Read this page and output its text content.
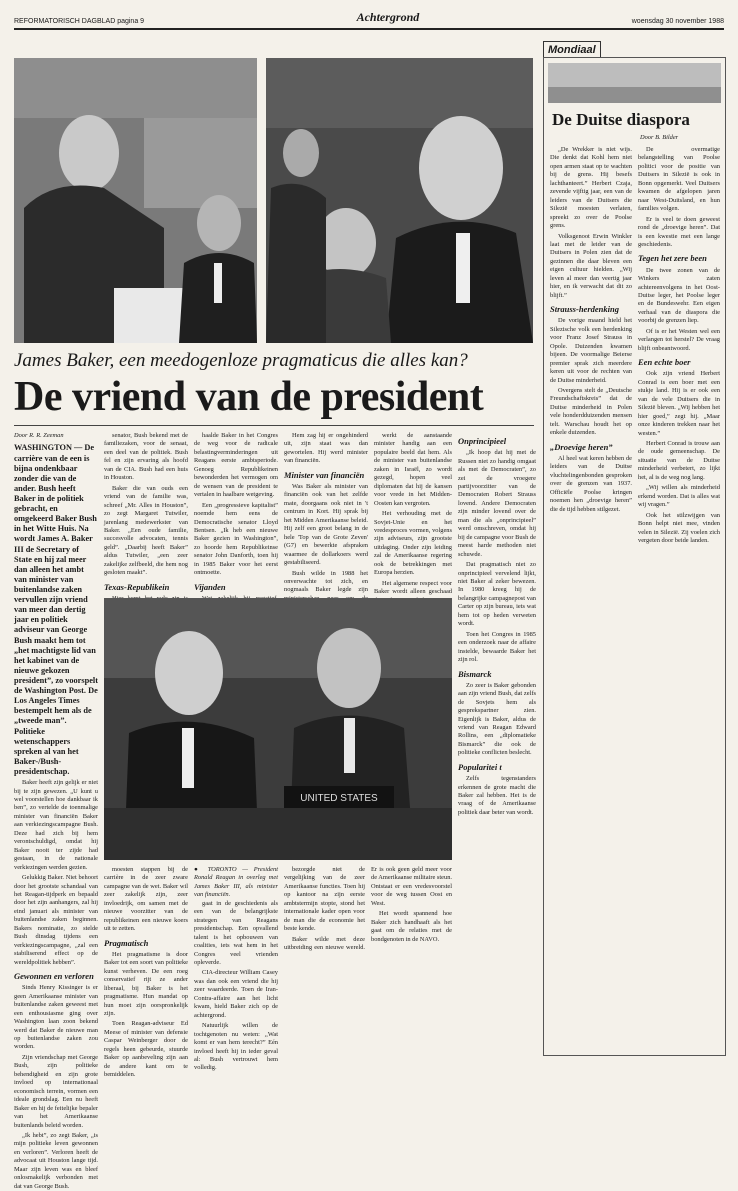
REFORMATORISCH DAGBLAD pagina 9	Achtergrond	woensdag 30 november 1988
James Baker, een meedogenloze pragmaticus die alles kan?
De vriend van de president
Door R. R. Zeeman

WASHINGTON — De carrière van de een is bijna ondenkbaar zonder die van de ander. Bush heeft Baker in de politiek gebracht, en omgekeerd Baker Bush in het Witte Huis. Na wordt James A. Baker III de Secretary of State en hij zal meer dan alleen het ambt van minister van buitenlandse zaken vervullen zijn vriend van meer dan dertig jaar en politiek adviseur van George Bush maakt hem tot „het machtigste lid van het kabinet van de nieuwe gekozen president”, zo voorspelt de Washington Post. De Los Angeles Times bestempelt hem als de „tweede man”. Politieke wetenschappers spreken al van het Baker-/Bush-presidentschap.

Baker heeft zijn gelijk er niet bij te zijn gewezen. „U kunt u wel voorstellen hoe dankbaar ik ben”, zo vertelde de toenmalige minister van financiën Baker aan verkiezingscampagne Bush. Deze had zich bij hem verontschuldigd, omdat hij Baker nooit ter zijde had gestaan, in de nationale verkiezingen werden gezien.

Gelukkig Baker. Niet behoort door het grootste schandaal van het Reagan-tijdperk en bepaald door het zijn aanhangers, zal hij eind januari als minister van buitenlandse zaken beginnen. Bakers nominatie, zo stelde Bush dinsdag tijdens een verkiezingscampagne, „zal een stabiliserend effect op de wereldpolitiek hebben”.

Gewonnen en verloren

Sinds Henry Kissinger is er geen Amerikaanse minister van buitenlandse zaken geweest met een enthousiasme ging over Washington laan zoon bekend werd dat Baker de nieuwe man op buitenlandse zaken zou worden.

Zijn vriendschap met George Bush, zijn politieke behendigheid en zijn grote invloed op internationaal economisch terrein, vormen een ideale grondslag. Een nu heeft Baker en hij de feitelijke bepaler van het Amerikaanse buitenlands beleid worden.

„Ik hebt”, zo zegt Baker, „is mijn politieke leven gewonnen en verloren”. Verloren heeft de advocaat uit Houston lange tijd. Maar zijn leven was en bleef onlosmakelijk verbonden met dat van George Bush.

senator, Bush bekend met de familiezaken, voor de senaat, een deel van de politiek. Bush fel en zijn ervaring als hoofd van de CIA. Bush had een huis in Houston.

Baker die van ouds een vriend van de familie was, schreef „Mr. Alles in Houston”, zo zegt Margaret Tutwiler, jarenlang medewerkster van Baker. „Een oude familie, succesvolle advocaten, tennis geld”. „Daarbij heeft Baker” aldus Tutwiler, „een zeer zakelijke zelfbeeld, die hem nog gesloten maakt”.

Texas-Republikein

haalde Baker in het Congres de weg voor de radicale belastingverminderingen uit Reagans eerste ambtsperiode. Genoeg Republikeinen bewonderden het vermogen om de wensen van de president te vertalen in haalbare wetgeving.

Een „progressieve kapitalist” noemde hem eens de Democratische senator Lloyd Bentsen. „Ik heb een nieuwe Baker gezien in Washington”, zo hoorde hem Republikeinse senator John Danforth, toen hij in 1985 Baker voor het eerst ontmoette.

Vijanden

Hem zag hij er ongehinderd uit, zijn staat was dan gewortelen. Hij werd minister van financiën.

Minister van financiën

Was Baker als minister van financiën ook van het zelfde mate, doorgaans ook niet in 't centrum in Kort. Hij sprak bij het Midden Amerikaanse beleid. Hij zelf een groot belang in de hele 'Top van de Grote Zeven' (G7) en bewerkte afspraken waarmee de dollarkoers werd gestabiliseerd.

Bush wilde in 1988 het onverwachte tot zich, en nogmaals Baker legde zijn

werkt de aanstaande minister handig aan een populaire beeld dat hem. Als de minister van buitenlandse zaken in Israël, zo wordt gezegd, hopen veel diplomaten dat hij de kansen voor vrede in het Midden-Oosten kan vergroten.

Het verhouding met de Sovjet-Unie en het vredesproces vormen, volgens zijn adviseurs, zijn grootste uitdaging. Onder zijn leiding zal de Amerikaanse regering ook de betrekkingen met Europa herzien.

Het algemene respect voor Baker wordt alleen geschaad

Onprincipieel

„Ik hoop dat hij met de Russen niet zo handig omgaat als met de Democraten”, zo zei de vroegere partijvoorzitter van de Democraten Robert Strauss lovend. Andere Democraten zijn minder lovend over de man die als „onprincipieel” werd omschreven, omdat hij bij de campagne voor Bush de meest harde methoden niet schuwde.

Dat pragmatisch niet zo onprincipieel vervelend lijkt, niet Baker al zeker bewezen. In 1980 kreeg hij de belangrijke campagnepost van Carter op zijn bureau, iets wat hem tot op heden verweten wordt.

Toen het Congres in 1985 een onderzoek naar de affaire instelde, bewaarde Baker het zijn rol.

Bismarck

Zo zeer is Baker gebonden aan zijn vriend Bush, dat zelfs de Sovjets hem als gesprekspartner zien. Eigenlijk is Baker, aldus de vriend van Reagan Edward Rollins, een „diplomatieke Bismarck” die ook de politieke conflicten beslecht.

Popularitei t

Zelfs tegenstanders erkennen de grote macht die Baker zal hebben. Het is de vraag of de Amerikaanse politiek daar beter van wordt.

UNITED STATES

moesten stappen bij de carrière in de zeer zware campagne van de wet. Baker wil zeer zakelijk zijn, zeer invloedrijk, om samen met de nieuwe voorzitter van de republikeinen een nieuwe koers uit te zetten.

Pragmatisch

Het pragmatisme is door Baker tot een soort van politieke kunst verheven. De een roeg conservatief rijt ze ander liberaal, bij Baker is het pragmatisme. Hun mandat op hun moet zijn oorspronkelijk zijn.

Toen Reagan-adviseur Ed Meese of minister van defensie Caspar Weinberger door de regels heen gebeurde, stuurde Baker op aanbeveling zijn aan de andere kant om te bemiddelen.

● TORONTO — President Ronald Reagan in overleg met James Baker III, als minister van financiën.

gaat in de geschiedenis als een van de belangrijkste strategen van Reagans presidentschap. Een opvallend talent is het opbouwen van coalities, iets wat hem in het Congres veel vrienden opleverde.

CIA-directeur William Casey was dan ook een vriend die hij zeer waardeerde. Toen de Iran-Contra-affaire aan het licht kwam, hield Baker zich op de achtergrond.

Natuurlijk willen de tochtgenoten nu weten: ,,Wat komt er van hem terecht?” Eén invloed heeft hij in ieder geval al: Bush vertrouwt hem volledig.

bezorgde niet de vergelijking van de zeer Amerikaanse functies. Toen hij op kantoor na zijn eerste ambtstermijn stopte, stond het internationale kader open voor de man die de economie het beste kende.

Baker wilde met deze uitbreiding een nieuwe wereld. Er is ook geen geld meer voor de Amerikaanse militaire steun. Ontstaat er een vredesvoorstel voor de weg tussen Oost en West.

Het wordt spannend hoe Baker zich handhaaft als het gaat om de relaties met de bondgenoten in de NAVO.

Mondiaal
De Duitse diaspora
Door B. Bilder

„De Wrekker is niet wijs. Die denkt dat Kohl hem niet open armen staat op te wachten bij de grens. Hij besefs lachthanteert.” Herbert Czaja, zevende vijftig jaar, een van de leiders van de Duitsers die Silezië moesten verlaten, spreekt zo over de Poolse grens.

Volksgenoot Erwin Winkler laat met de leider van de Duitsers in Polen zien dat de gezinnen die daar bleven een eigen cultuur hielden. „Wij leven al meer dan veertig jaar hier, en ik verwacht dat dit zo blijft.”

Strauss-herdenking

De vorige maand hield het Silezische volk een herdenking voor Franz Josef Strauss in Opole. Duizenden kwamen bijeen. De voormalige Beierse premier sprak zich meerdere keren uit voor de rechten van de Duitse minderheid.

Overgens stelt de „Deutsche Freundschaftskreis” dat de Duitse minderheid in Polen vele honderdduizenden mensen telt. Warschau houdt het op enkele duizenden.

„Droevige heren”

Al heel wat keren hebben de leiders van de Duitse vluchtelingenbonden gesproken over de grenzen van 1937. Officiële Poolse kringen noemen hen „droevige heren” die de tijd hebben stilgezet.

De overmatige belangstelling van Poolse politici voor de positie van Duitsers in Silezië is ook in Bonn opgemerkt. Veel Duitsers kwamen de afgelopen jaren naar West-Duitsland, en hun families volgen.

Er is veel te doen geweest rond de „droevige heren”. Dat is een kwestie met een lange geschiedenis.

Tegen het zere been

De twee zonen van de Winkers zaten achtereenvolgens in het Oost-Duitse leger, het Poolse leger en de Bundeswehr. Een eigen verhaal van de diaspora die voorbij de grenzen liep.

Of is er het Westen wel een verlangen tot herstel? De vraag blijft onbeantwoord.

Een echte boer

Ook zijn vriend Herbert Conrad is een boer met een stukje land. Hij is er ook een van de vele Duitsers die in Silezië bleven. „Wij hebben het hier goed,” zegt hij. „Maar onze kinderen trekken naar het westen.”

Herbert Conrad is trouw aan de oude gemeenschap. De situatie van de Duitse minderheid verbetert, zo lijkt het, al is de weg nog lang.

„Wij willen als minderheid erkend worden. Dat is alles wat wij vragen.”

Ook het stilzwijgen van Bonn helpt niet mee, vinden velen in Silezië. Zij voelen zich vergeten door beide landen.
